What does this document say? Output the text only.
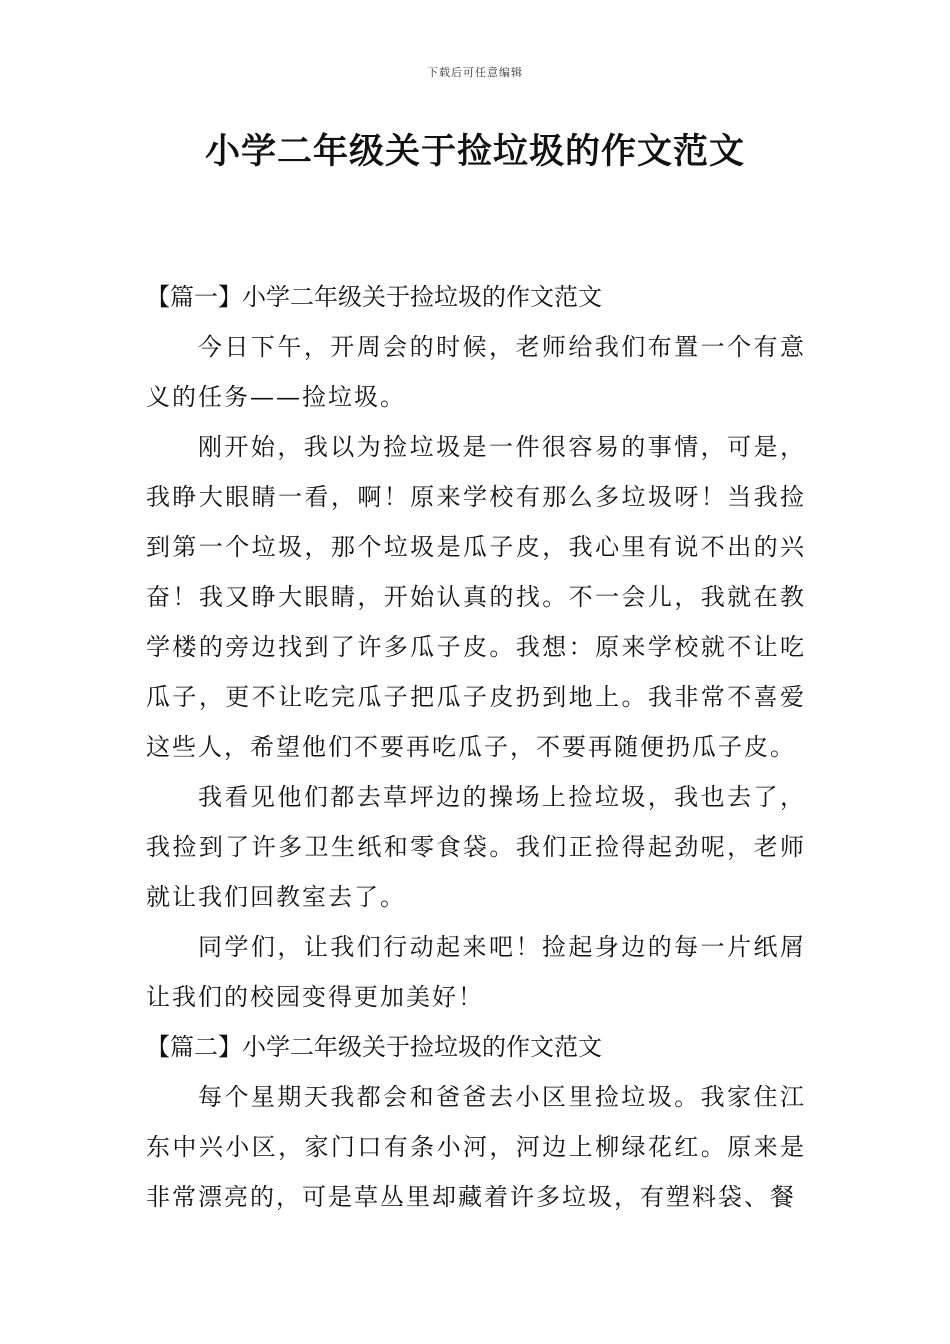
下载后可任意编辑
小学二年级关于捡垃圾的作文范文
【篇一】小学二年级关于捡垃圾的作文范文

今日下午，开周会的时候，老师给我们布置一个有意义的任务——捡垃圾。

刚开始，我以为捡垃圾是一件很容易的事情，可是，我睁大眼睛一看，啊！原来学校有那么多垃圾呀！当我捡到第一个垃圾，那个垃圾是瓜子皮，我心里有说不出的兴奋！我又睁大眼睛，开始认真的找。不一会儿，我就在教学楼的旁边找到了许多瓜子皮。我想：原来学校就不让吃瓜子，更不让吃完瓜子把瓜子皮扔到地上。我非常不喜爱这些人，希望他们不要再吃瓜子，不要再随便扔瓜子皮。

我看见他们都去草坪边的操场上捡垃圾，我也去了，我捡到了许多卫生纸和零食袋。我们正捡得起劲呢，老师就让我们回教室去了。

同学们，让我们行动起来吧！捡起身边的每一片纸屑让我们的校园变得更加美好！

【篇二】小学二年级关于捡垃圾的作文范文

每个星期天我都会和爸爸去小区里捡垃圾。我家住江东中兴小区，家门口有条小河，河边上柳绿花红。原来是非常漂亮的，可是草丛里却藏着许多垃圾，有塑料袋、餐
